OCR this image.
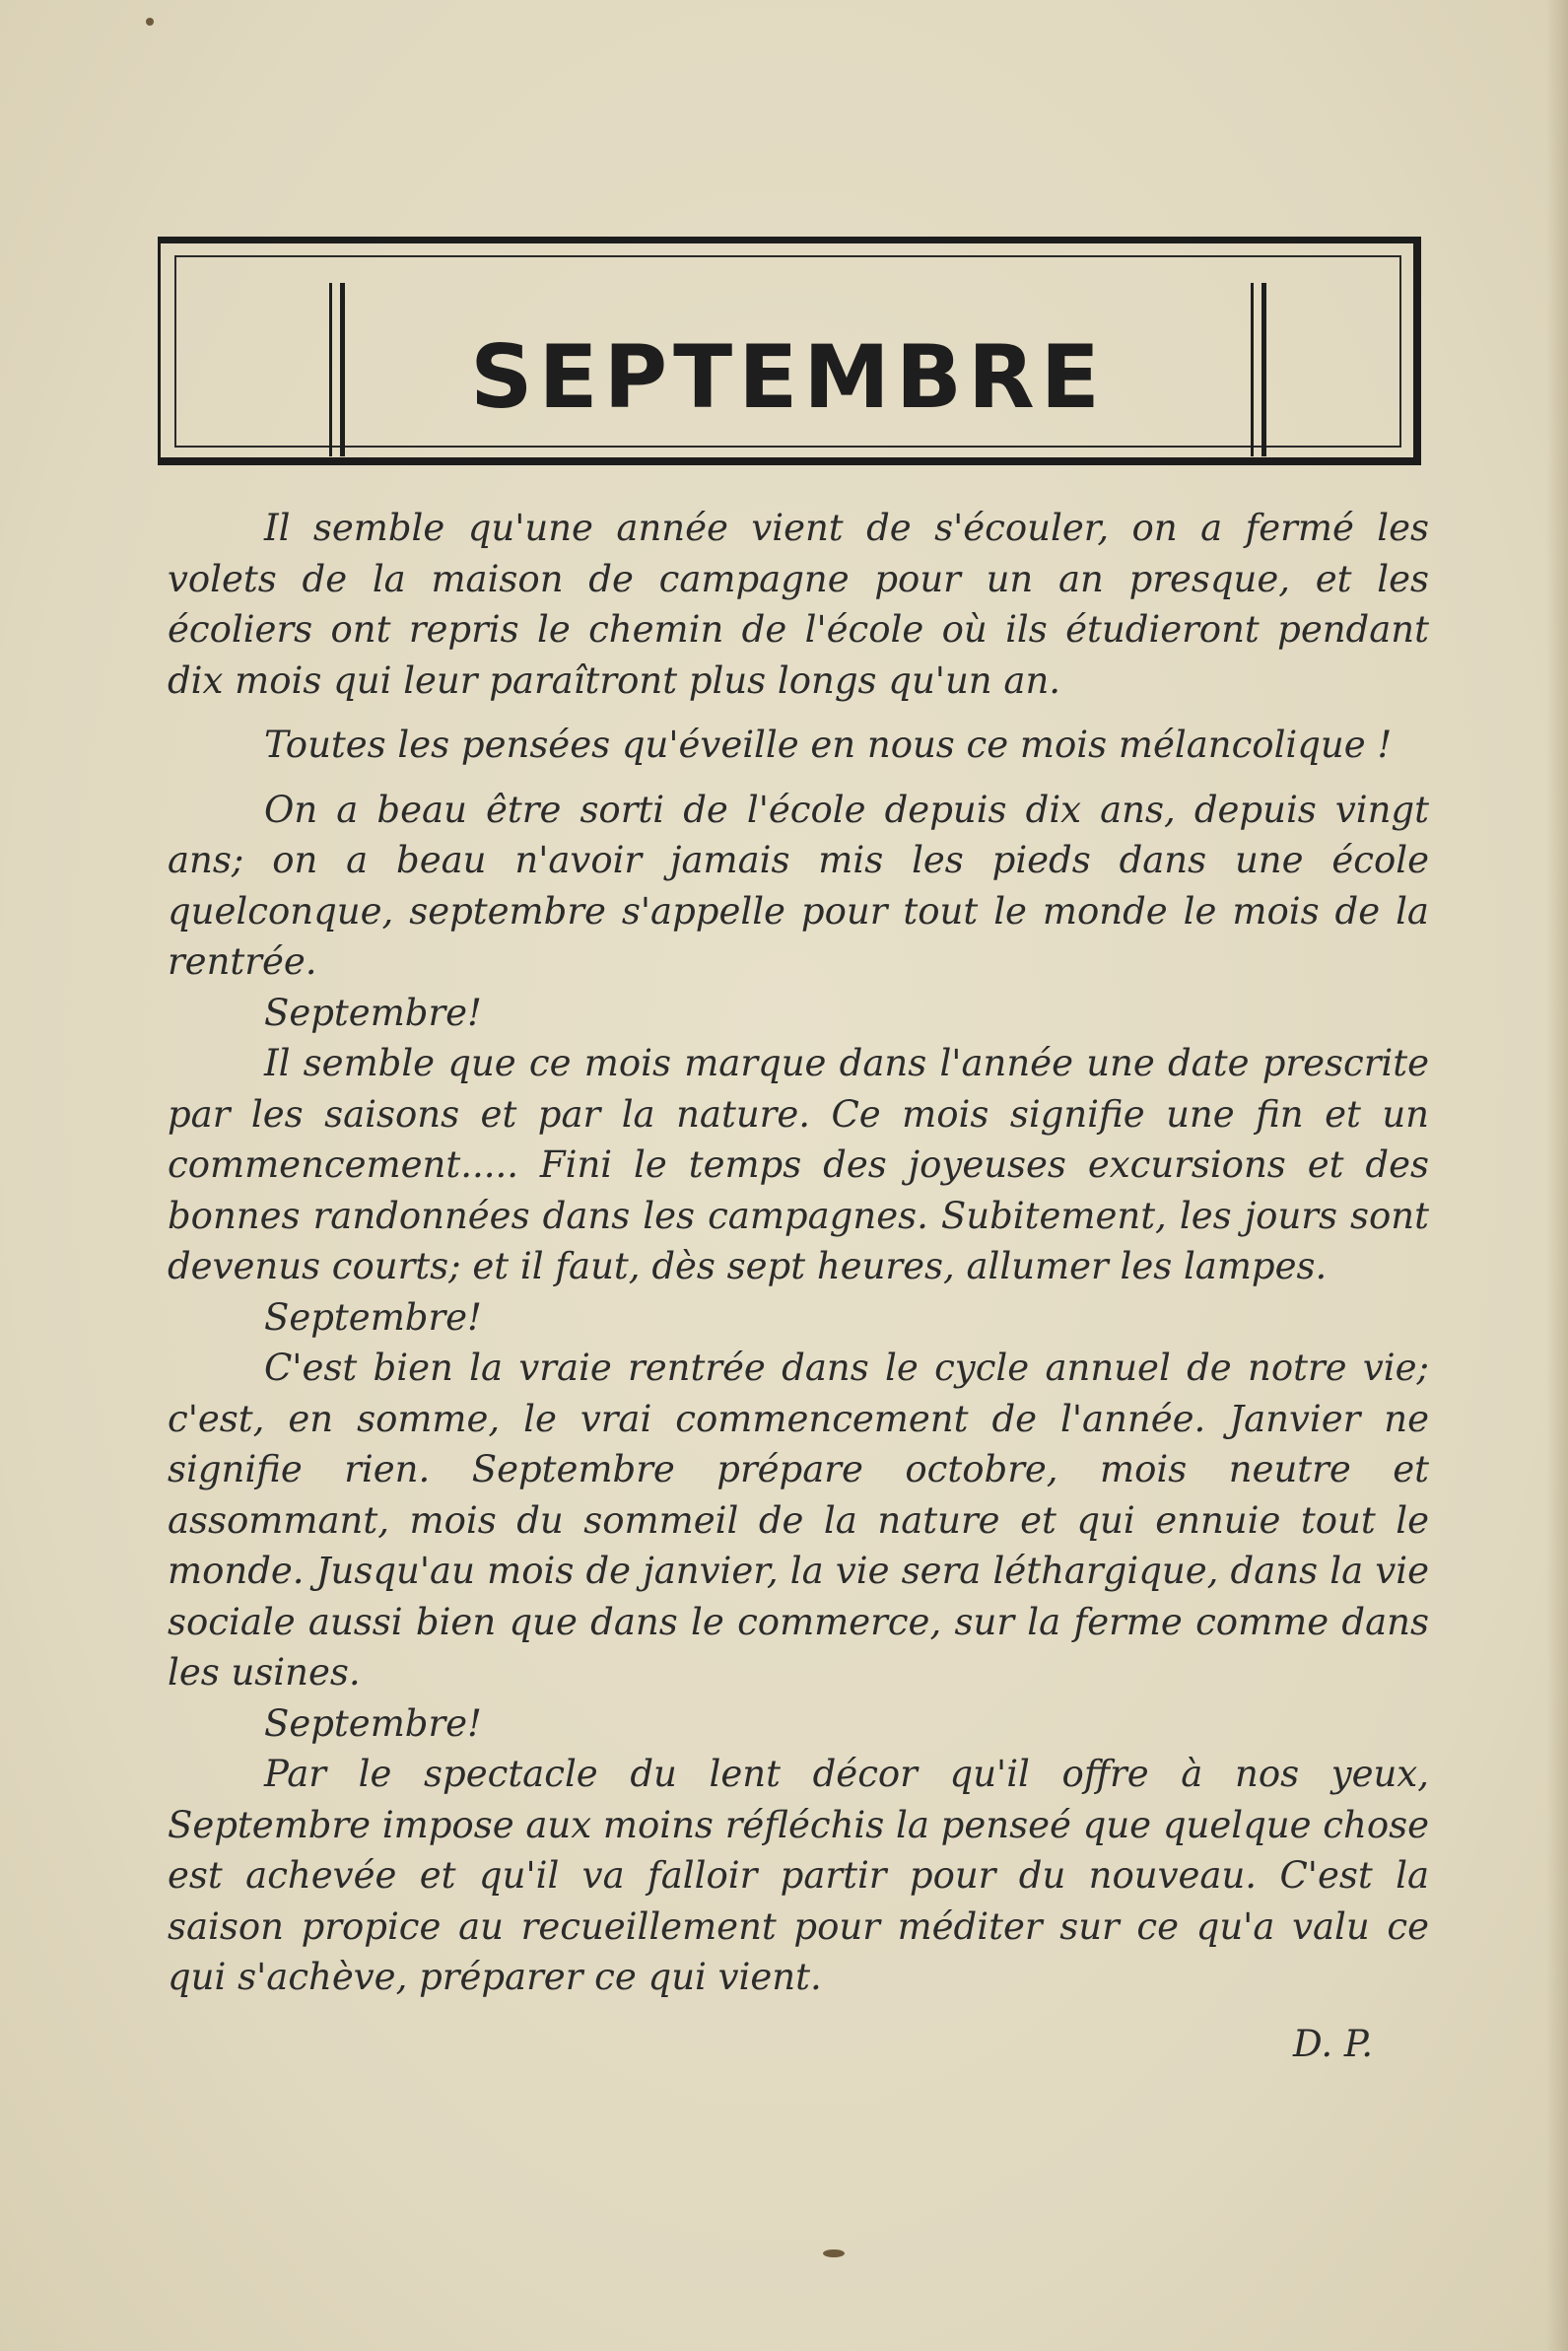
SEPTEMBRE

Il semble qu'une année vient de s'écouler, on a fermé les volets de la maison de campagne pour un an presque, et les écoliers ont repris le chemin de l'école où ils étudieront pendant dix mois qui leur paraîtront plus longs qu'un an.

Toutes les pensées qu'éveille en nous ce mois mélancolique !

On a beau être sorti de l'école depuis dix ans, depuis vingt ans; on a beau n'avoir jamais mis les pieds dans une école quelconque, septembre s'appelle pour tout le monde le mois de la rentrée.

Septembre!

Il semble que ce mois marque dans l'année une date prescrite par les saisons et par la nature. Ce mois signifie une fin et un commencement..... Fini le temps des joyeuses excursions et des bonnes randonnées dans les campagnes. Subitement, les jours sont devenus courts; et il faut, dès sept heures, allumer les lampes.

Septembre!

C'est bien la vraie rentrée dans le cycle annuel de notre vie; c'est, en somme, le vrai commencement de l'année. Janvier ne signifie rien. Septembre prépare octobre, mois neutre et assommant, mois du sommeil de la nature et qui ennuie tout le monde. Jusqu'au mois de janvier, la vie sera léthargique, dans la vie sociale aussi bien que dans le commerce, sur la ferme comme dans les usines.

Septembre!

Par le spectacle du lent décor qu'il offre à nos yeux, Septembre impose aux moins réfléchis la penseé que quelque chose est achevée et qu'il va falloir partir pour du nouveau. C'est la saison propice au recueillement pour méditer sur ce qu'a valu ce qui s'achève, préparer ce qui vient.

D. P.
